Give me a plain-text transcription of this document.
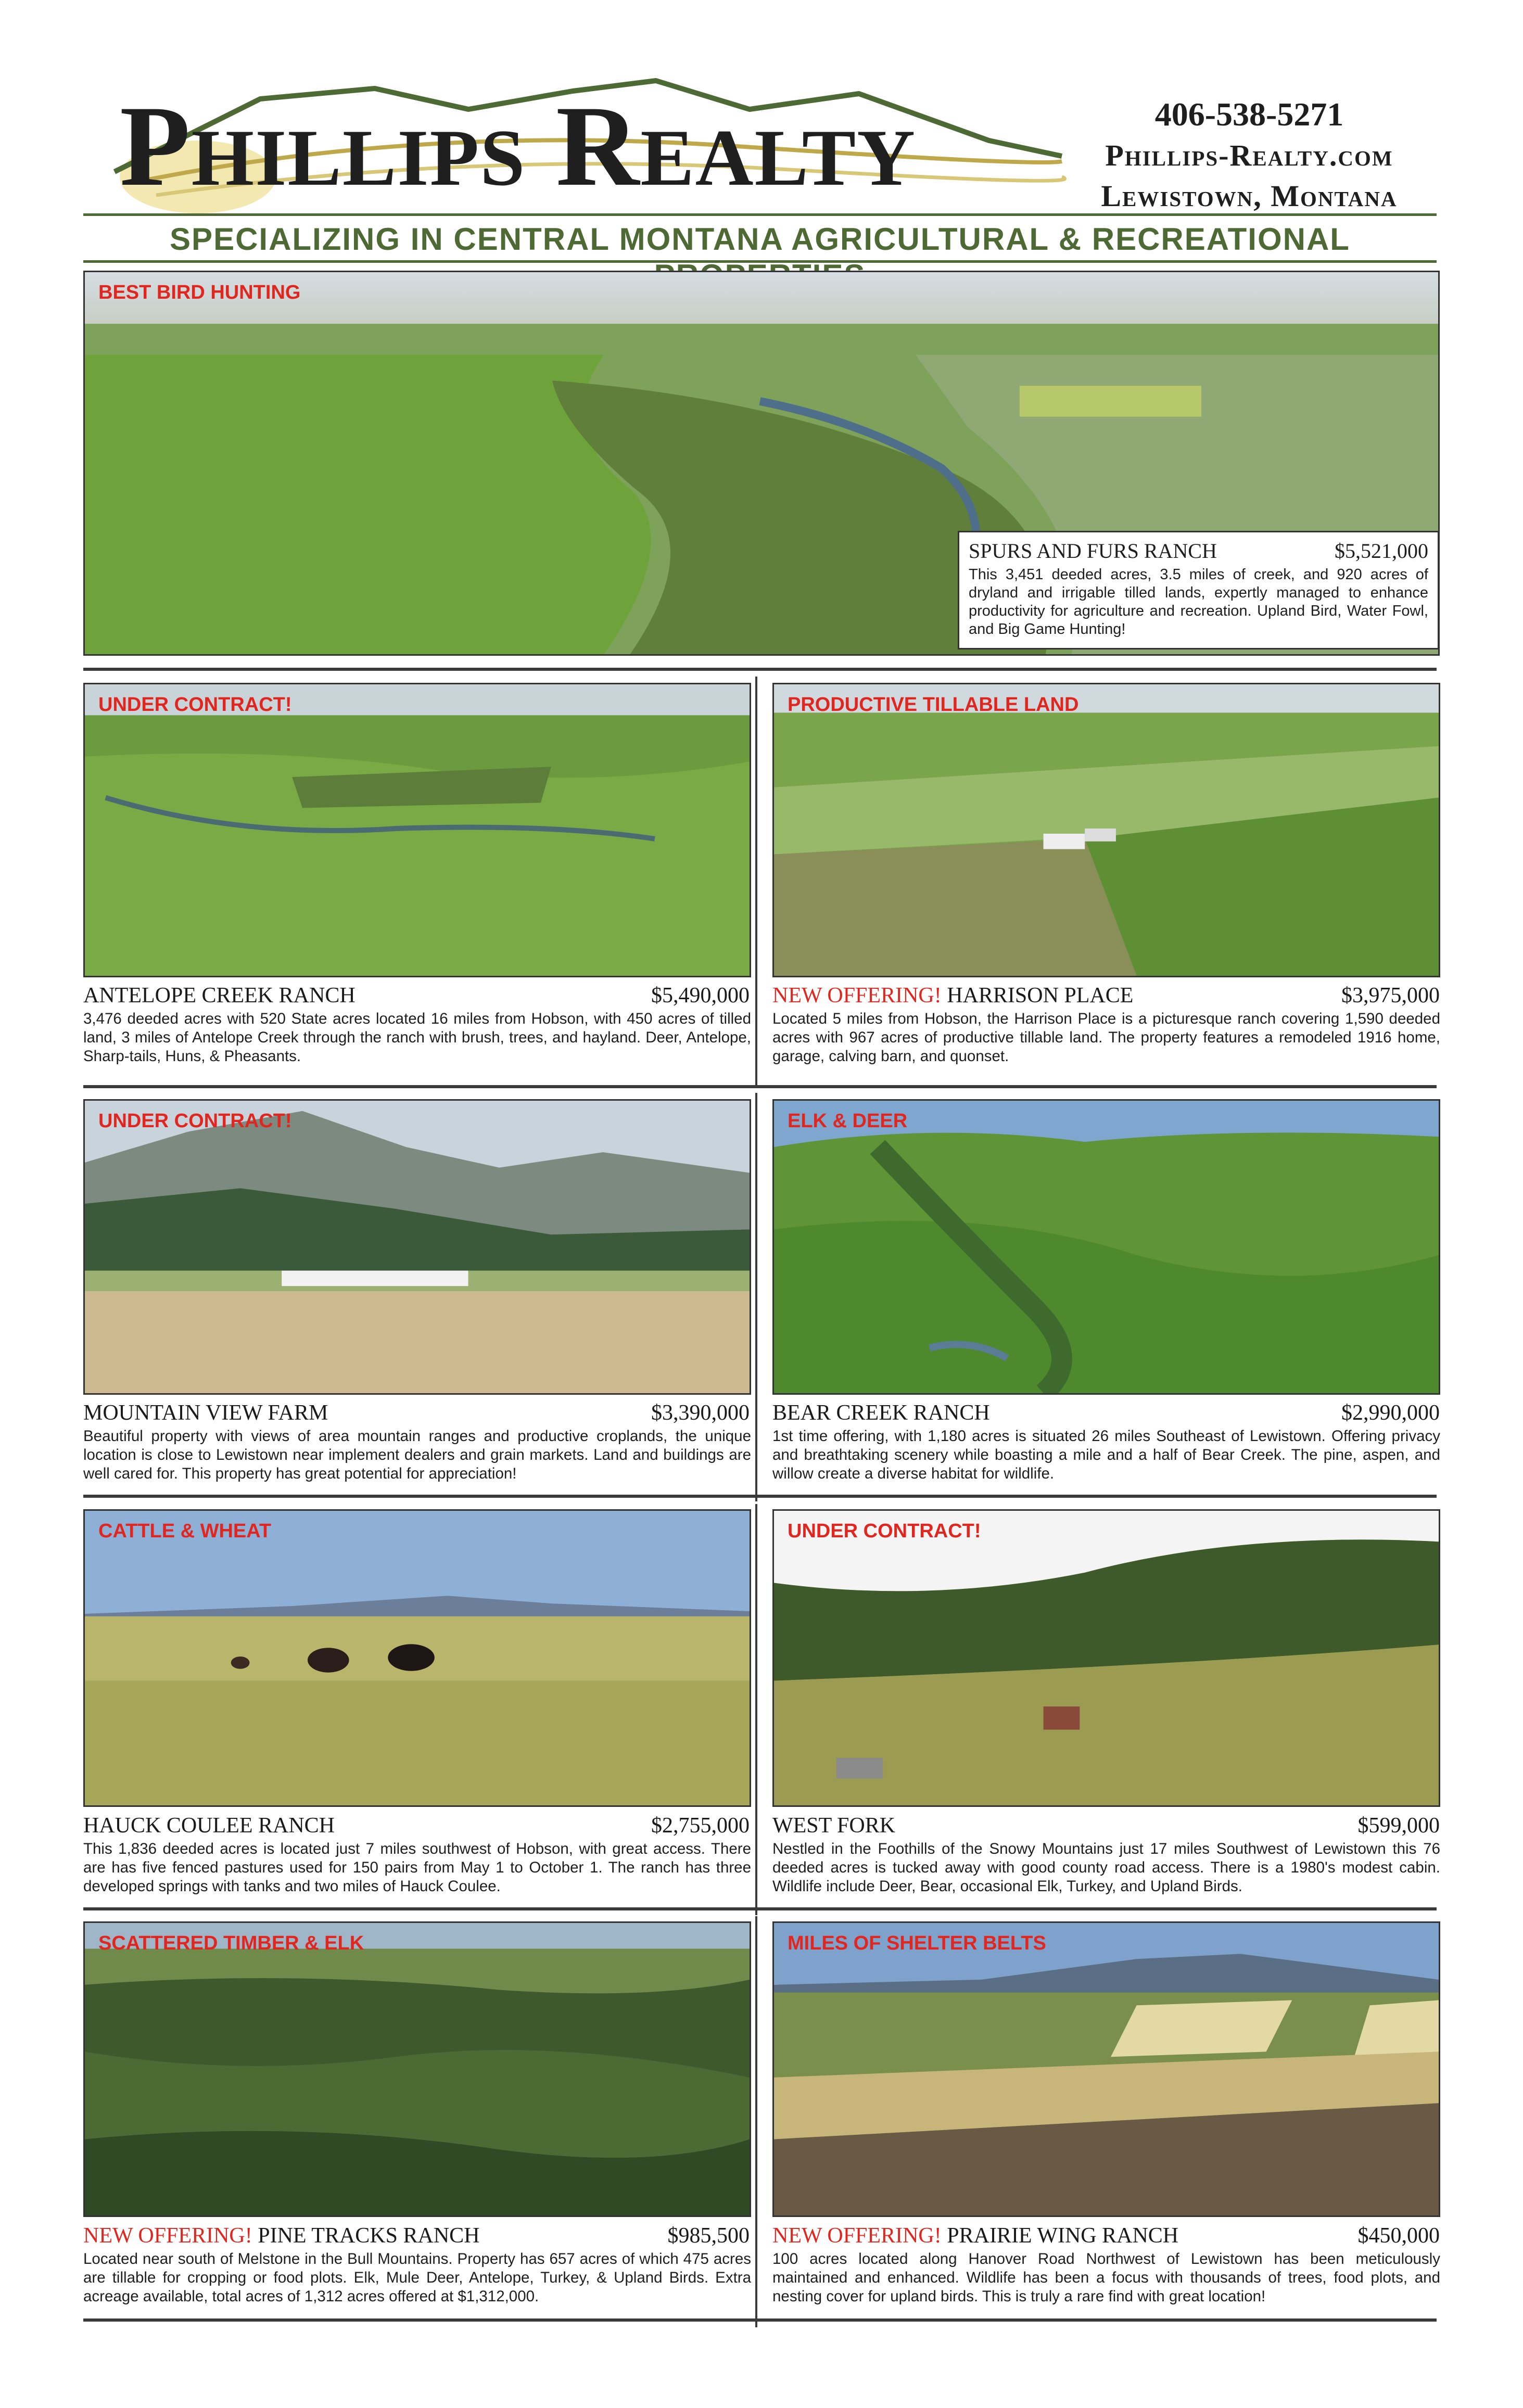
Phillips Realty	406-538-5271
Phillips-Realty.com
Lewistown, Montana
SPECIALIZING IN CENTRAL MONTANA AGRICULTURAL & RECREATIONAL
BEST BIRD HUNTING
SPURS AND FURS RANCH	$5,521,000
This 3,451 deeded acres, 3.5 miles of creek, and 920 acres of dryland and irrigable tilled lands, expertly managed to enhance productivity for agriculture and recreation. Upland Bird, Water Fowl, and Big Game Hunting!
UNDER CONTRACT!
ANTELOPE CREEK RANCH	$5,490,000
3,476 deeded acres with 520 State acres located 16 miles from Hobson, with 450 acres of tilled land, 3 miles of Antelope Creek through the ranch with brush, trees, and hayland. Deer, Antelope, Sharp-tails, Huns, & Pheasants.
PRODUCTIVE TILLABLE LAND
NEW OFFERING! HARRISON PLACE	$3,975,000
Located 5 miles from Hobson, the Harrison Place is a picturesque ranch covering 1,590 deeded acres with 967 acres of productive tillable land. The property features a remodeled 1916 home, garage, calving barn, and quonset.
UNDER CONTRACT!
MOUNTAIN VIEW FARM	$3,390,000
Beautiful property with views of area mountain ranges and productive croplands, the unique location is close to Lewistown near implement dealers and grain markets. Land and buildings are well cared for. This property has great potential for appreciation!
ELK & DEER
BEAR CREEK RANCH	$2,990,000
1st time offering, with 1,180 acres is situated 26 miles Southeast of Lewistown. Offering privacy and breathtaking scenery while boasting a mile and a half of Bear Creek. The pine, aspen, and willow create a diverse habitat for wildlife.
CATTLE & WHEAT
HAUCK COULEE RANCH	$2,755,000
This 1,836 deeded acres is located just 7 miles southwest of Hobson, with great access. There are has five fenced pastures used for 150 pairs from May 1 to October 1. The ranch has three developed springs with tanks and two miles of Hauck Coulee.
UNDER CONTRACT!
WEST FORK	$599,000
Nestled in the Foothills of the Snowy Mountains just 17 miles Southwest of Lewistown this 76 deeded acres is tucked away with good county road access. There is a 1980's modest cabin. Wildlife include Deer, Bear, occasional Elk, Turkey, and Upland Birds.
SCATTERED TIMBER & ELK
NEW OFFERING! PINE TRACKS RANCH	$985,500
Located near south of Melstone in the Bull Mountains. Property has 657 acres of which 475 acres are tillable for cropping or food plots. Elk, Mule Deer, Antelope, Turkey, & Upland Birds. Extra acreage available, total acres of 1,312 acres offered at $1,312,000.
MILES OF SHELTER BELTS
NEW OFFERING! PRAIRIE WING RANCH	$450,000
100 acres located along Hanover Road Northwest of Lewistown has been meticulously maintained and enhanced. Wildlife has been a focus with thousands of trees, food plots, and nesting cover for upland birds. This is truly a rare find with great location!
